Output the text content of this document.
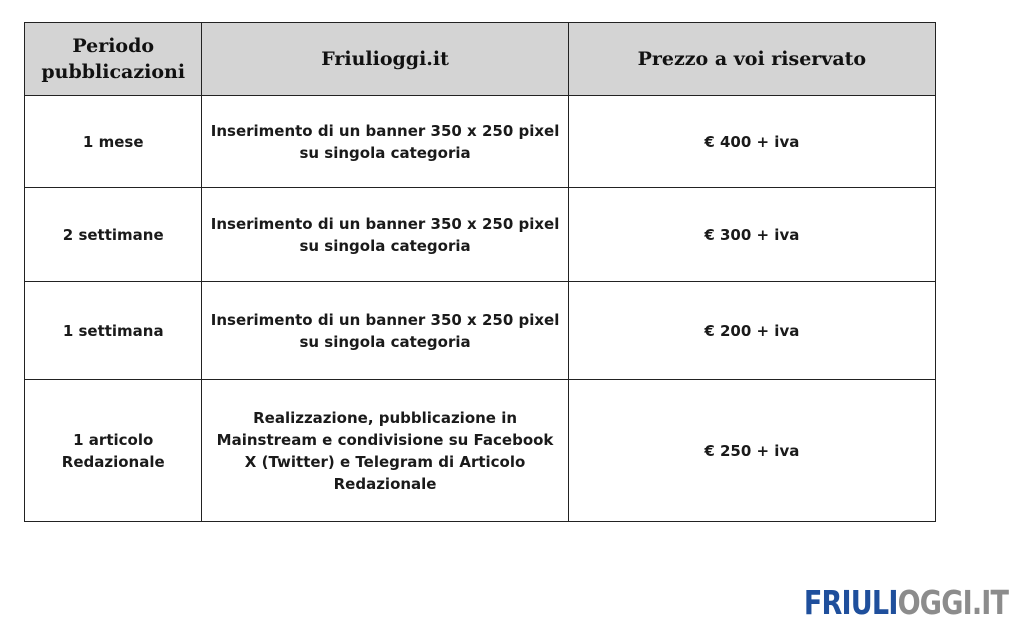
Periodo pubblicazioni	Friulioggi.it	Prezzo a voi riservato
1 mese	Inserimento di un banner 350 x 250 pixel su singola categoria	€ 400 + iva
2 settimane	Inserimento di un banner 350 x 250 pixel su singola categoria	€ 300 + iva
1 settimana	Inserimento di un banner 350 x 250 pixel su singola categoria	€ 200 + iva
1 articolo Redazionale	Realizzazione, pubblicazione in Mainstream e condivisione su Facebook X (Twitter) e Telegram di Articolo Redazionale	€ 250 + iva
FRIULIOGGI.IT
